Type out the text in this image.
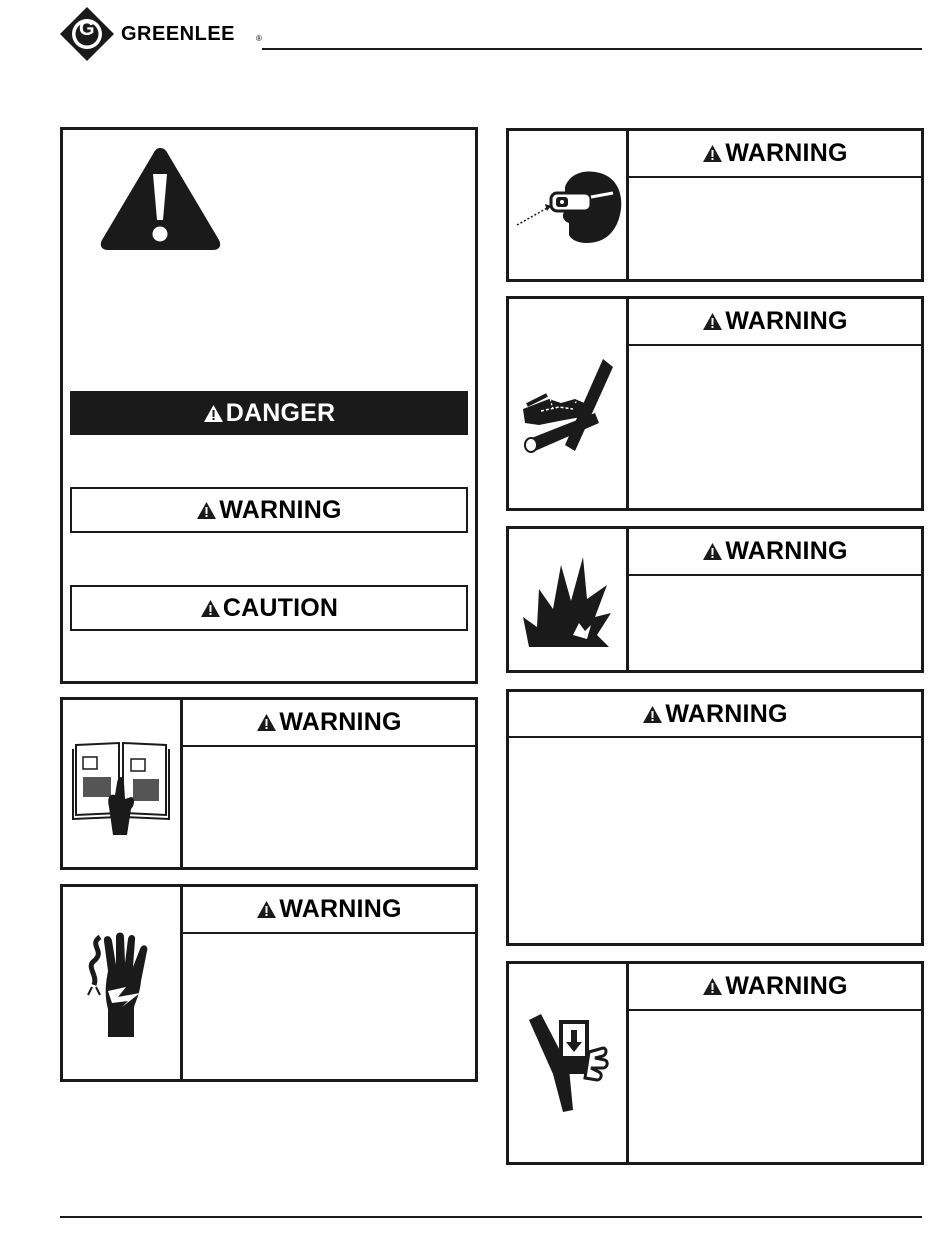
G GREENLEE	®
DANGER
WARNING
CAUTION
WARNING
WARNING
WARNING
WARNING
WARNING
WARNING
WARNING
